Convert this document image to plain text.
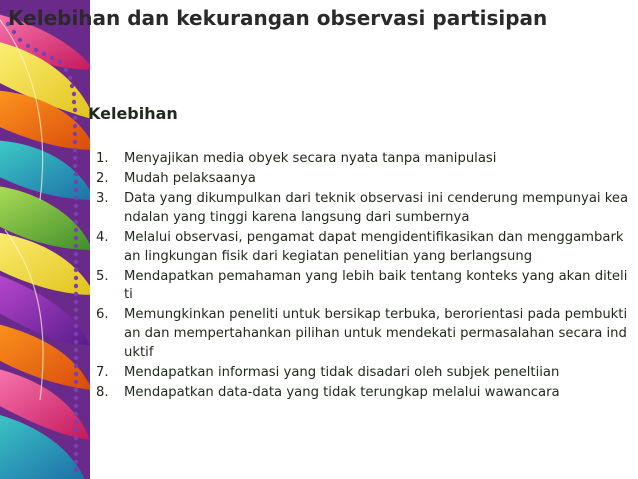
Kelebihan dan kekurangan observasi partisipan
Kelebihan
1.	Menyajikan media obyek secara nyata tanpa manipulasi
2.	Mudah pelaksaanya
3.	Data yang dikumpulkan dari teknik observasi ini cenderung mempunyai keandalan yang tinggi karena langsung dari sumbernya
4.	Melalui observasi, pengamat dapat mengidentifikasikan dan menggambarkan lingkungan fisik dari kegiatan penelitian yang berlangsung
5.	Mendapatkan pemahaman yang lebih baik tentang konteks yang akan diteliti
6.	Memungkinkan peneliti untuk bersikap terbuka, berorientasi pada pembuktian dan mempertahankan pilihan untuk mendekati permasalahan secara induktif
7.	Mendapatkan informasi yang tidak disadari oleh subjek peneltiian
8.	Mendapatkan data-data yang tidak terungkap melalui wawancara
